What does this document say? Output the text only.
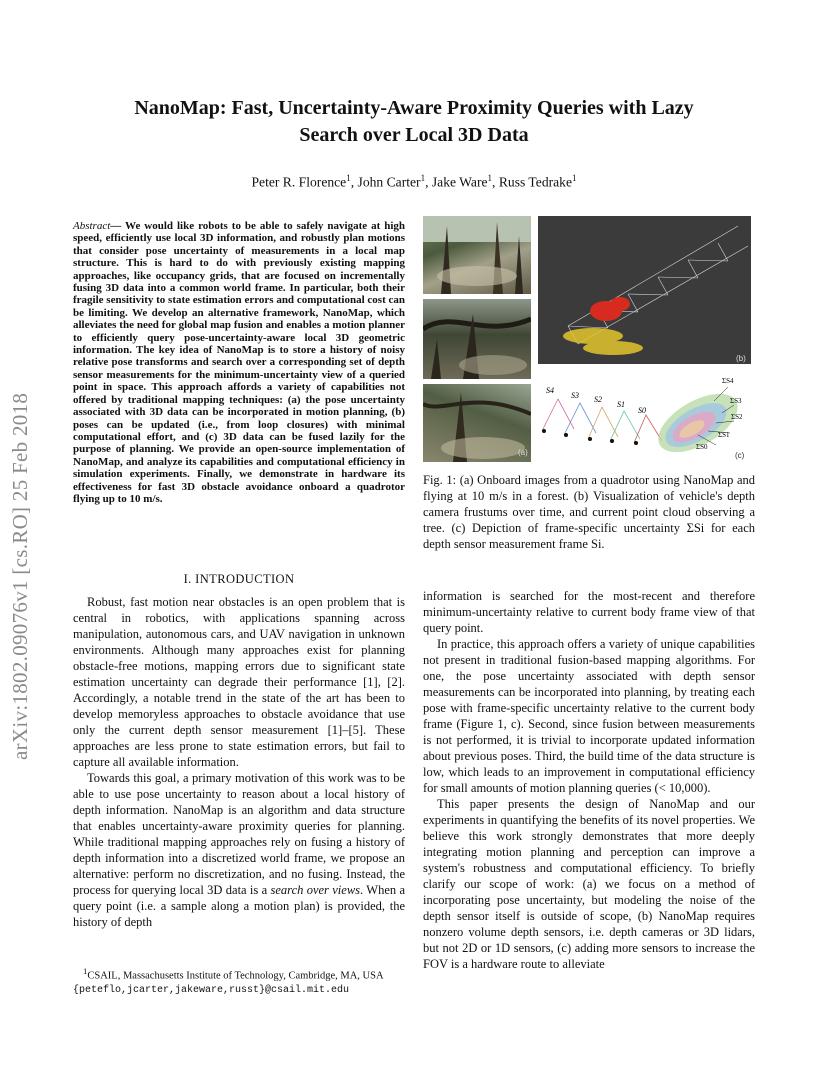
arXiv:1802.09076v1 [cs.RO] 25 Feb 2018
NanoMap: Fast, Uncertainty-Aware Proximity Queries with Lazy Search over Local 3D Data
Peter R. Florence$^1$, John Carter$^1$, Jake Ware$^1$, Russ Tedrake$^1$
Abstract— We would like robots to be able to safely navigate at high speed, efficiently use local 3D information, and robustly plan motions that consider pose uncertainty of measurements in a local map structure. This is hard to do with previously existing mapping approaches, like occupancy grids, that are focused on incrementally fusing 3D data into a common world frame. In particular, both their fragile sensitivity to state estimation errors and computational cost can be limiting. We develop an alternative framework, NanoMap, which alleviates the need for global map fusion and enables a motion planner to efficiently query pose-uncertainty-aware local 3D geometric information. The key idea of NanoMap is to store a history of noisy relative pose transforms and search over a corresponding set of depth sensor measurements for the minimum-uncertainty view of a queried point in space. This approach affords a variety of capabilities not offered by traditional mapping techniques: (a) the pose uncertainty associated with 3D data can be incorporated in motion planning, (b) poses can be updated (i.e., from loop closures) with minimal computational effort, and (c) 3D data can be fused lazily for the purpose of planning. We provide an open-source implementation of NanoMap, and analyze its capabilities and computational efficiency in simulation experiments. Finally, we demonstrate in hardware its effectiveness for fast 3D obstacle avoidance onboard a quadrotor flying up to 10 m/s.
I. INTRODUCTION

Robust, fast motion near obstacles is an open problem that is central in robotics, with applications spanning across manipulation, autonomous cars, and UAV navigation in unknown environments. Although many approaches exist for planning obstacle-free motions, mapping errors due to significant state estimation uncertainty can degrade their performance [1], [2]. Accordingly, a notable trend in the state of the art has been to develop memoryless approaches to obstacle avoidance that use only the current depth sensor measurement [1]–[5]. These approaches are less prone to state estimation errors, but fail to capture all available information.

Towards this goal, a primary motivation of this work was to be able to use pose uncertainty to reason about a local history of depth information. NanoMap is an algorithm and data structure that enables uncertainty-aware proximity queries for planning. While traditional mapping approaches rely on fusing a history of depth information into a discretized world frame, we propose an alternative: perform no discretization, and no fusing. Instead, the process for querying local 3D data is a search over views. When a query point (i.e. a sample along a motion plan) is provided, the history of depth

$^1$CSAIL, Massachusetts Institute of Technology, Cambridge, MA, USA
{peteflo,jcarter,jakeware,russt}@csail.mit.edu
(a)
(b)
S4
S3 S2
S1
S0
ΣS4
ΣS3
ΣS2
ΣS1
ΣS0
(c)
Fig. 1: (a) Onboard images from a quadrotor using NanoMap and flying at 10 m/s in a forest. (b) Visualization of vehicle's depth camera frustums over time, and current point cloud observing a tree. (c) Depiction of frame-specific uncertainty ΣSi for each depth sensor measurement frame Si.

information is searched for the most-recent and therefore minimum-uncertainty relative to current body frame view of that query point.

In practice, this approach offers a variety of unique capabilities not present in traditional fusion-based mapping algorithms. For one, the pose uncertainty associated with depth sensor measurements can be incorporated into planning, by treating each pose with frame-specific uncertainty relative to the current body frame (Figure 1, c). Second, since fusion between measurements is not performed, it is trivial to incorporate updated information about previous poses. Third, the build time of the data structure is low, which leads to an improvement in computational efficiency for small amounts of motion planning queries (< 10,000).

This paper presents the design of NanoMap and our experiments in quantifying the benefits of its novel properties. We believe this work strongly demonstrates that more deeply integrating motion planning and perception can improve a system's robustness and computational efficiency. To briefly clarify our scope of work: (a) we focus on a method of incorporating pose uncertainty, but modeling the noise of the depth sensor itself is outside of scope, (b) NanoMap requires nonzero volume depth sensors, i.e. depth cameras or 3D lidars, but not 2D or 1D sensors, (c) adding more sensors to increase the FOV is a hardware route to alleviate
